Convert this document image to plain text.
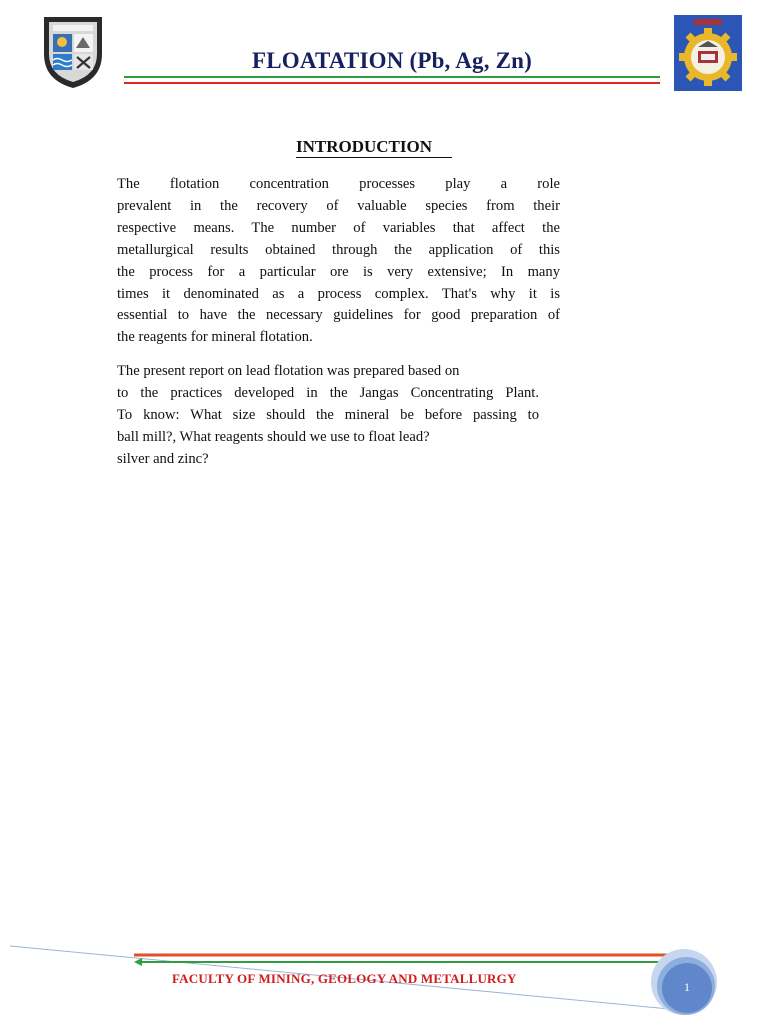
FLOATATION (Pb, Ag, Zn)
INTRODUCTION
The flotation concentration processes play a role
prevalent in the recovery of valuable species from their
respective means. The number of variables that affect the
metallurgical results obtained through the application of this
the process for a particular ore is very extensive; In many
times it denominated as a process complex. That's why it is
essential to have the necessary guidelines for good preparation of
the reagents for mineral flotation.
The present report on lead flotation was prepared based on
to the practices developed in the Jangas Concentrating Plant.
To know: What size should the mineral be before passing to
ball mill?, What reagents should we use to float lead?
silver and zinc?
FACULTY OF MINING, GEOLOGY AND METALLURGY
1
